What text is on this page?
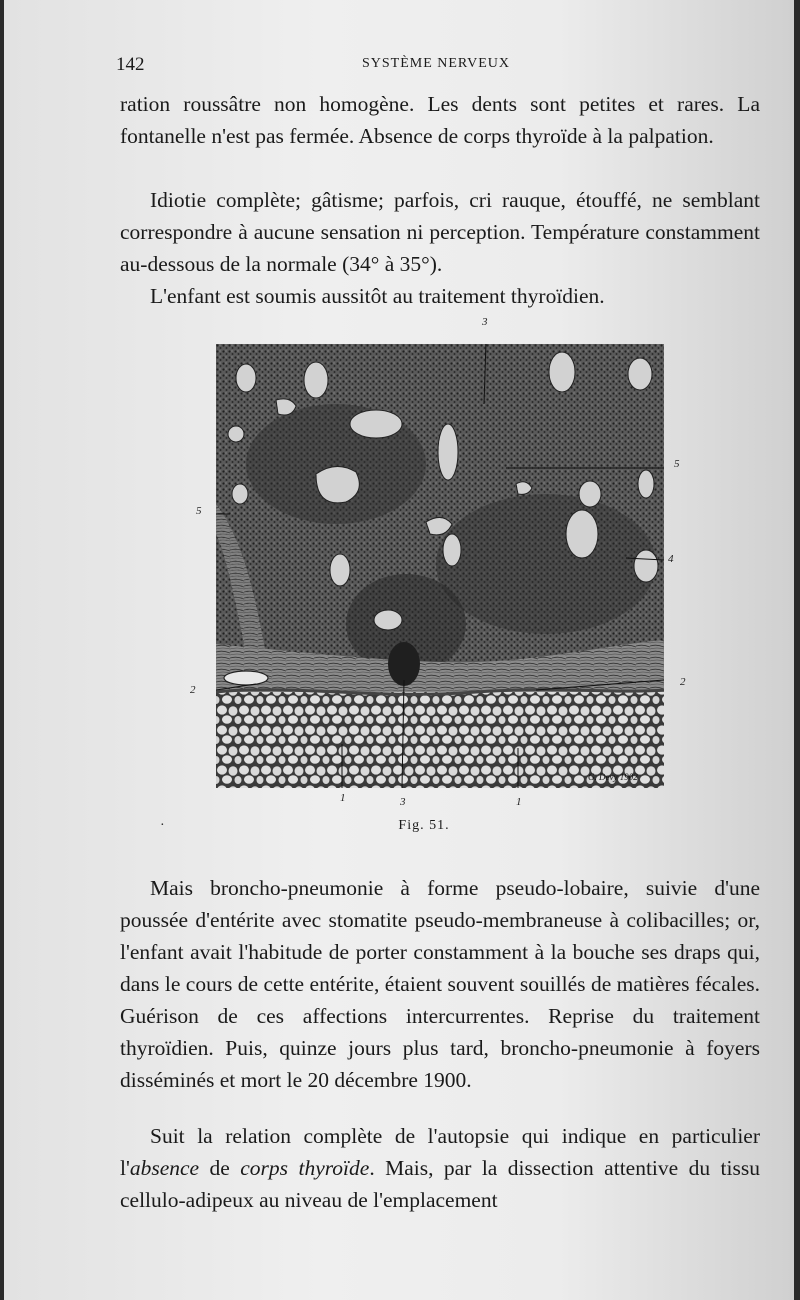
142	SYSTÈME NERVEUX

ration roussâtre non homogène. Les dents sont petites et rares. La fontanelle n'est pas fermée. Absence de corps thyroïde à la palpation.

Idiotie complète; gâtisme; parfois, cri rauque, étouffé, ne semblant correspondre à aucune sensation ni perception. Température constamment au-dessous de la normale (34° à 35°).

L'enfant est soumis aussitôt au traitement thyroïdien.

3
5
5
4
2
2
1	3	1
G. Devy 1902
·	Fig. 51.

Mais broncho-pneumonie à forme pseudo-lobaire, suivie d'une poussée d'entérite avec stomatite pseudo-membraneuse à colibacilles; or, l'enfant avait l'habitude de porter constamment à la bouche ses draps qui, dans le cours de cette entérite, étaient souvent souillés de matières fécales. Guérison de ces affections intercurrentes. Reprise du traitement thyroïdien. Puis, quinze jours plus tard, broncho-pneumonie à foyers disséminés et mort le 20 décembre 1900.

Suit la relation complète de l'autopsie qui indique en particulier l'absence de corps thyroïde. Mais, par la dissection attentive du tissu cellulo-adipeux au niveau de l'emplacement
